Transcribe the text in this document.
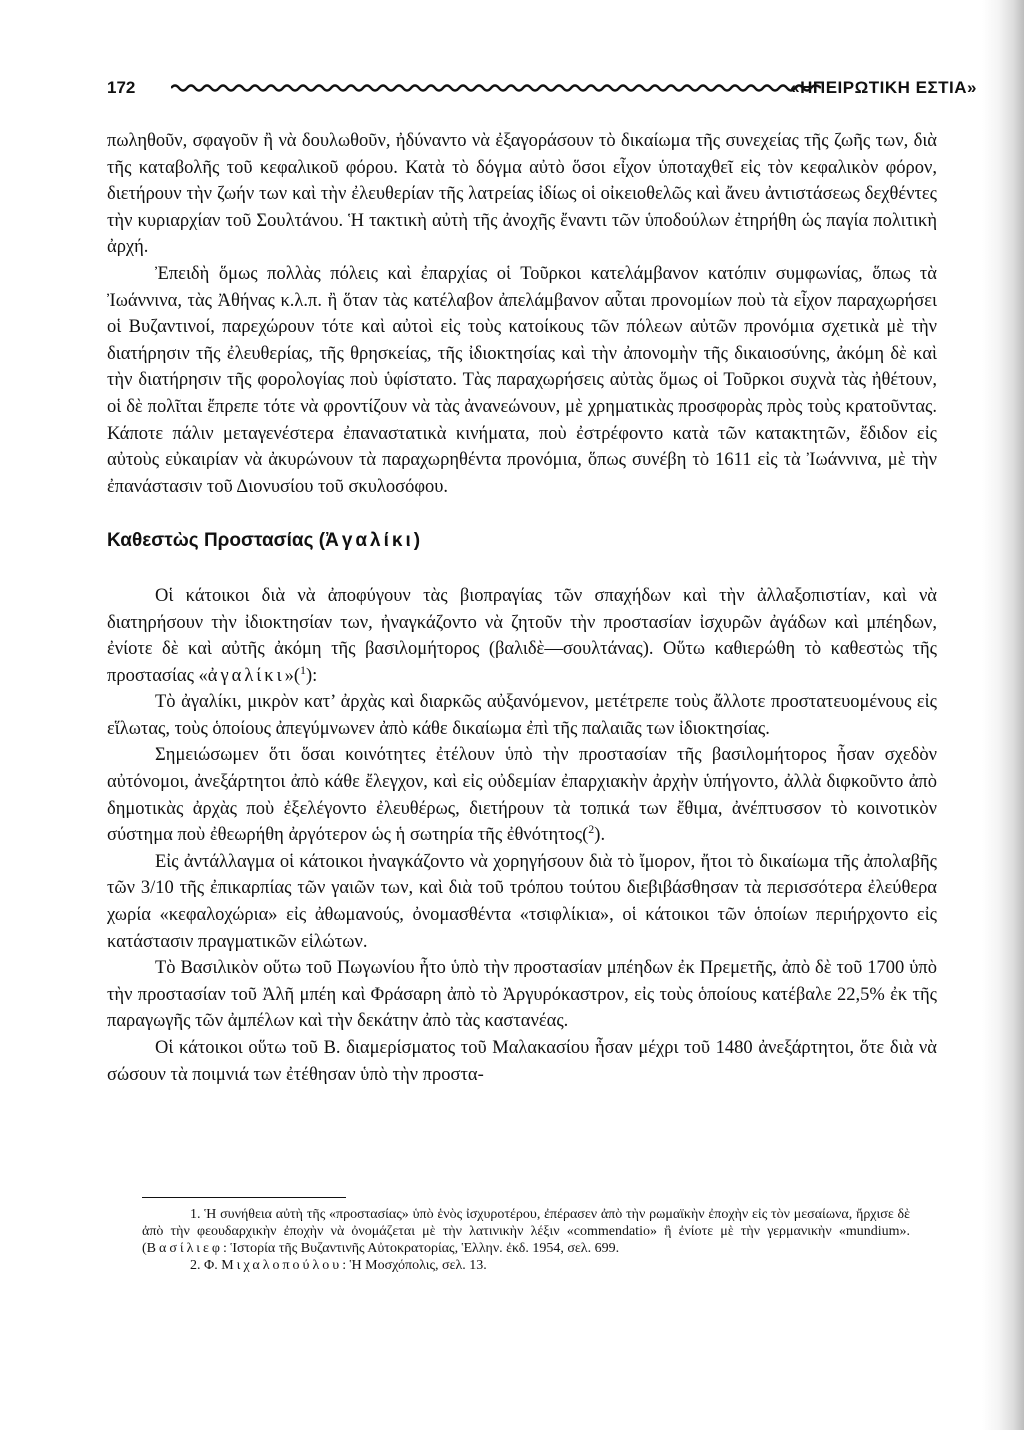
172	«ΗΠΕΙΡΩΤΙΚΗ ΕΣΤΙΑ»

πωληθοῦν, σφαγοῦν ἢ νὰ δουλωθοῦν, ἠδύναντο νὰ ἐξαγοράσουν τὸ δικαίωμα τῆς συνεχείας τῆς ζωῆς των, διὰ τῆς καταβολῆς τοῦ κεφαλικοῦ φόρου. Κατὰ τὸ δόγμα αὐτὸ ὅσοι εἶχον ὑποταχθεῖ εἰς τὸν κεφαλικὸν φόρον, διετήρουν τὴν ζωήν των καὶ τὴν ἐλευθερίαν τῆς λατρείας ἰδίως οἱ οἰκειοθελῶς καὶ ἄνευ ἀντιστάσεως δεχθέντες τὴν κυριαρχίαν τοῦ Σουλτάνου. Ἡ τακτικὴ αὐτὴ τῆς ἀνοχῆς ἔναντι τῶν ὑποδούλων ἐτηρήθη ὡς παγία πολιτικὴ ἀρχή.

Ἐπειδὴ ὅμως πολλὰς πόλεις καὶ ἐπαρχίας οἱ Τοῦρκοι κατελάμβανον κατόπιν συμφωνίας, ὅπως τὰ Ἰωάννινα, τὰς Ἀθήνας κ.λ.π. ἢ ὅταν τὰς κατέλαβον ἀπελάμβανον αὗται προνομίων ποὺ τὰ εἶχον παραχωρήσει οἱ Βυζαντινοί, παρεχώρουν τότε καὶ αὐτοὶ εἰς τοὺς κατοίκους τῶν πόλεων αὐτῶν προνόμια σχετικὰ μὲ τὴν διατήρησιν τῆς ἐλευθερίας, τῆς θρησκείας, τῆς ἰδιοκτησίας καὶ τὴν ἀπονομὴν τῆς δικαιοσύνης, ἀκόμη δὲ καὶ τὴν διατήρησιν τῆς φορολογίας ποὺ ὑφίστατο. Τὰς παραχωρήσεις αὐτὰς ὅμως οἱ Τοῦρκοι συχνὰ τὰς ἠθέτουν, οἱ δὲ πολῖται ἔπρεπε τότε νὰ φροντίζουν νὰ τὰς ἀνανεώνουν, μὲ χρηματικὰς προσφορὰς πρὸς τοὺς κρατοῦντας. Κάποτε πάλιν μεταγενέστερα ἐπαναστατικὰ κινήματα, ποὺ ἐστρέφοντο κατὰ τῶν κατακτητῶν, ἔδιδον εἰς αὐτοὺς εὐκαιρίαν νὰ ἀκυρώνουν τὰ παραχωρηθέντα προνόμια, ὅπως συνέβη τὸ 1611 εἰς τὰ Ἰωάννινα, μὲ τὴν ἐπανάστασιν τοῦ Διονυσίου τοῦ σκυλοσόφου.

Καθεστὼς Προστασίας (Ἀγαλίκι)

Οἱ κάτοικοι διὰ νὰ ἀποφύγουν τὰς βιοπραγίας τῶν σπαχήδων καὶ τὴν ἀλλαξοπιστίαν, καὶ νὰ διατηρήσουν τὴν ἰδιοκτησίαν των, ἠναγκάζοντο νὰ ζητοῦν τὴν προστασίαν ἰσχυρῶν ἀγάδων καὶ μπέηδων, ἐνίοτε δὲ καὶ αὐτῆς ἀκόμη τῆς βασιλομήτορος (βαλιδὲ—σουλτάνας). Οὕτω καθιερώθη τὸ καθεστὼς τῆς προστασίας «ἀγαλίκι»($^1$):

Τὸ ἀγαλίκι, μικρὸν κατ’ ἀρχὰς καὶ διαρκῶς αὐξανόμενον, μετέτρεπε τοὺς ἄλλοτε προστατευομένους εἰς εἵλωτας, τοὺς ὁποίους ἀπεγύμνωνεν ἀπὸ κάθε δικαίωμα ἐπὶ τῆς παλαιᾶς των ἰδιοκτησίας.

Σημειώσωμεν ὅτι ὅσαι κοινότητες ἐτέλουν ὑπὸ τὴν προστασίαν τῆς βασιλομήτορος ἦσαν σχεδὸν αὐτόνομοι, ἀνεξάρτητοι ἀπὸ κάθε ἔλεγχον, καὶ εἰς οὐδεμίαν ἐπαρχιακὴν ἀρχὴν ὑπήγοντο, ἀλλὰ διφκοῦντο ἀπὸ δημοτικὰς ἀρχὰς ποὺ ἐξελέγοντο ἐλευθέρως, διετήρουν τὰ τοπικά των ἔθιμα, ἀνέπτυσσον τὸ κοινοτικὸν σύστημα ποὺ ἐθεωρήθη ἀργότερον ὡς ἡ σωτηρία τῆς ἐθνότητος($^2$).

Εἰς ἀντάλλαγμα οἱ κάτοικοι ἠναγκάζοντο νὰ χορηγήσουν διὰ τὸ ἴμορον, ἤτοι τὸ δικαίωμα τῆς ἀπολαβῆς τῶν 3/10 τῆς ἐπικαρπίας τῶν γαιῶν των, καὶ διὰ τοῦ τρόπου τούτου διεβιβάσθησαν τὰ περισσότερα ἐλεύθερα χωρία «κεφαλοχώρια» εἰς ἀθωμανούς, ὀνομασθέντα «τσιφλίκια», οἱ κάτοικοι τῶν ὁποίων περιήρχοντο εἰς κατάστασιν πραγματικῶν εἱλώτων.

Τὸ Βασιλικὸν οὕτω τοῦ Πωγωνίου ἦτο ὑπὸ τὴν προστασίαν μπέηδων ἐκ Πρεμετῆς, ἀπὸ δὲ τοῦ 1700 ὑπὸ τὴν προστασίαν τοῦ Ἀλῆ μπέη καὶ Φράσαρη ἀπὸ τὸ Ἀργυρόκαστρον, εἰς τοὺς ὁποίους κατέβαλε 22,5% ἐκ τῆς παραγωγῆς τῶν ἀμπέλων καὶ τὴν δεκάτην ἀπὸ τὰς καστανέας.

Οἱ κάτοικοι οὕτω τοῦ Β. διαμερίσματος τοῦ Μαλακασίου ἦσαν μέχρι τοῦ 1480 ἀνεξάρτητοι, ὅτε διὰ νὰ σώσουν τὰ ποιμνιά των ἐτέθησαν ὑπὸ τὴν προστα-

1. Ἡ συνήθεια αὐτὴ τῆς «προστασίας» ὑπὸ ἑνὸς ἰσχυροτέρου, ἐπέρασεν ἀπὸ τὴν ρωμαϊκὴν ἐποχὴν εἰς τὸν μεσαίωνα, ἤρχισε δὲ ἀπὸ τὴν φεουδαρχικὴν ἐποχὴν νὰ ὀνομάζεται μὲ τὴν λατινικὴν λέξιν «commendatio» ἢ ἐνίοτε μὲ τὴν γερμανικὴν «mundium». (Βασίλιεφ: Ἱστορία τῆς Βυζαντινῆς Αὐτοκρατορίας, Ἑλλην. ἐκδ. 1954, σελ. 699.

2. Φ. Μιχαλοπούλου: Ἡ Μοσχόπολις, σελ. 13.
